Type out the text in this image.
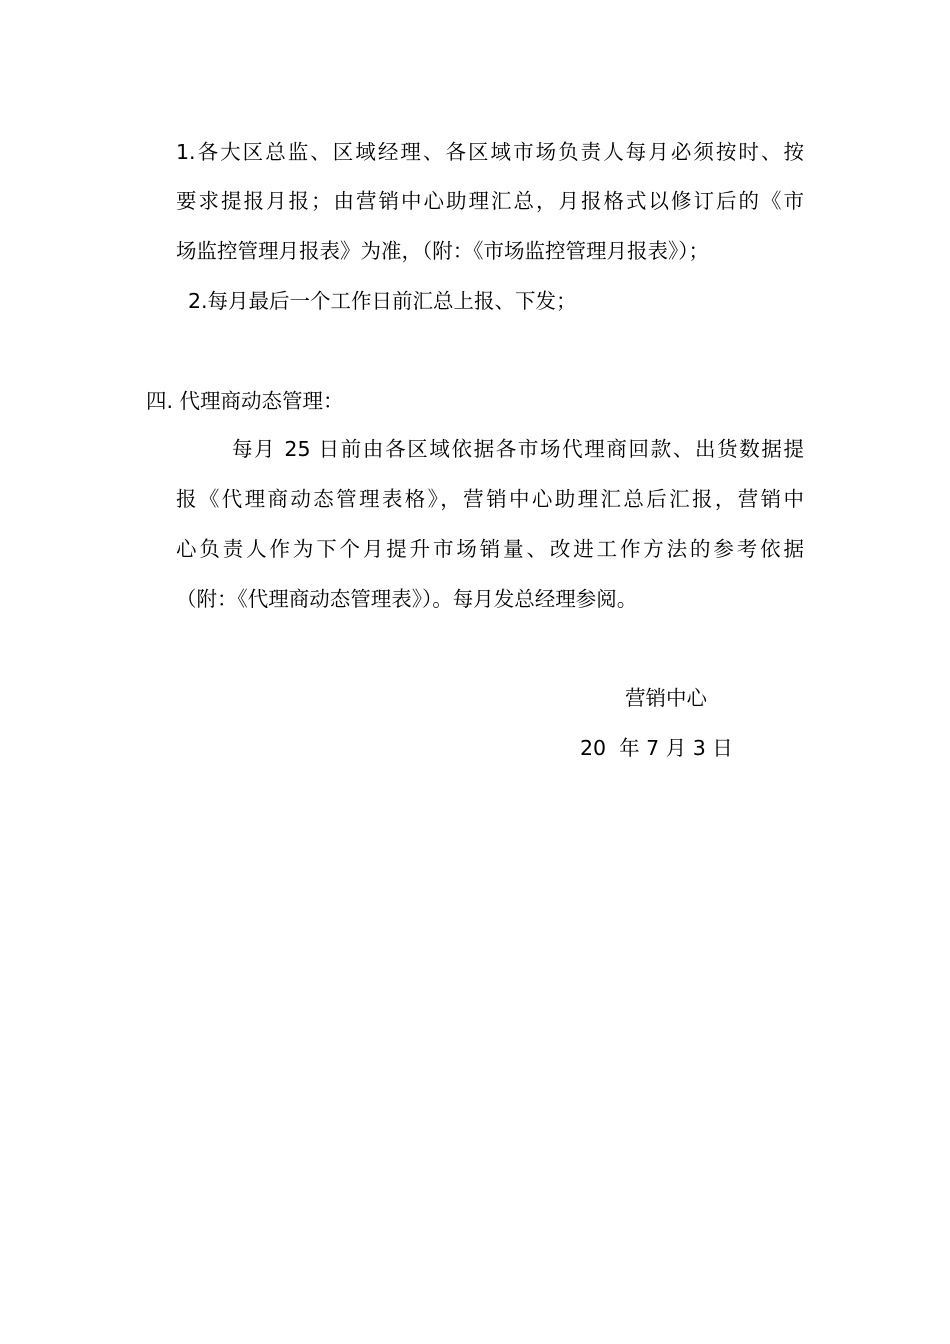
1.各大区总监、区域经理、各区域市场负责人每月必须按时、按
要求提报月报；由营销中心助理汇总，月报格式以修订后的《市
场监控管理月报表》为准，（附：《市场监控管理月报表》）；
2.每月最后一个工作日前汇总上报、下发；
四. 代理商动态管理：
每月 25 日前由各区域依据各市场代理商回款、出货数据提
报《代理商动态管理表格》，营销中心助理汇总后汇报，营销中
心负责人作为下个月提升市场销量、改进工作方法的参考依据
（附：《代理商动态管理表》）。每月发总经理参阅。
营销中心
20  年 7 月 3 日
